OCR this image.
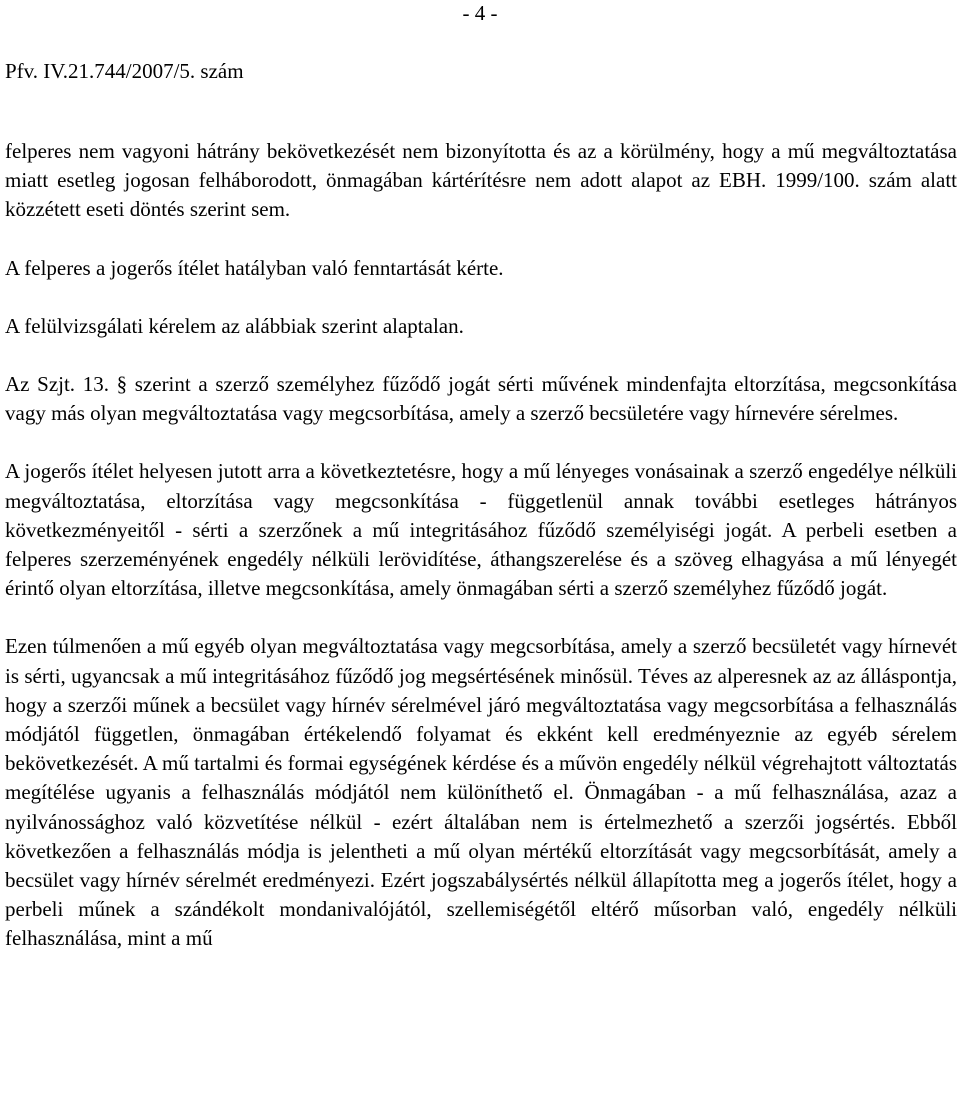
- 4 -
Pfv. IV.21.744/2007/5. szám

felperes nem vagyoni hátrány bekövetkezését nem bizonyította és az a körülmény, hogy a mű megváltoztatása miatt esetleg jogosan felháborodott, önmagában kártérítésre nem adott alapot az EBH. 1999/100. szám alatt közzétett eseti döntés szerint sem.

A felperes a jogerős ítélet hatályban való fenntartását kérte.

A felülvizsgálati kérelem az alábbiak szerint alaptalan.

Az Szjt. 13. § szerint a szerző személyhez fűződő jogát sérti művének mindenfajta eltorzítása, megcsonkítása vagy más olyan megváltoztatása vagy megcsorbítása, amely a szerző becsületére vagy hírnevére sérelmes.

A jogerős ítélet helyesen jutott arra a következtetésre, hogy a mű lényeges vonásainak a szerző engedélye nélküli megváltoztatása, eltorzítása vagy megcsonkítása - függetlenül annak további esetleges hátrányos következményeitől - sérti a szerzőnek a mű integritásához fűződő személyiségi jogát. A perbeli esetben a felperes szerzeményének engedély nélküli lerövidítése, áthangszerelése és a szöveg elhagyása a mű lényegét érintő olyan eltorzítása, illetve megcsonkítása, amely önmagában sérti a szerző személyhez fűződő jogát.

Ezen túlmenően a mű egyéb olyan megváltoztatása vagy megcsorbítása, amely a szerző becsületét vagy hírnevét is sérti, ugyancsak a mű integritásához fűződő jog megsértésének minősül. Téves az alperesnek az az álláspontja, hogy a szerzői műnek a becsület vagy hírnév sérelmével járó megváltoztatása vagy megcsorbítása a felhasználás módjától független, önmagában értékelendő folyamat és ekként kell eredményeznie az egyéb sérelem bekövetkezését. A mű tartalmi és formai egységének kérdése és a művön engedély nélkül végrehajtott változtatás megítélése ugyanis a felhasználás módjától nem különíthető el. Önmagában - a mű felhasználása, azaz a nyilvánossághoz való közvetítése nélkül - ezért általában nem is értelmezhető a szerzői jogsértés. Ebből következően a felhasználás módja is jelentheti a mű olyan mértékű eltorzítását vagy megcsorbítását, amely a becsület vagy hírnév sérelmét eredményezi. Ezért jogszabálysértés nélkül állapította meg a jogerős ítélet, hogy a perbeli műnek a szándékolt mondanivalójától, szellemiségétől eltérő műsorban való, engedély nélküli felhasználása, mint a mű
